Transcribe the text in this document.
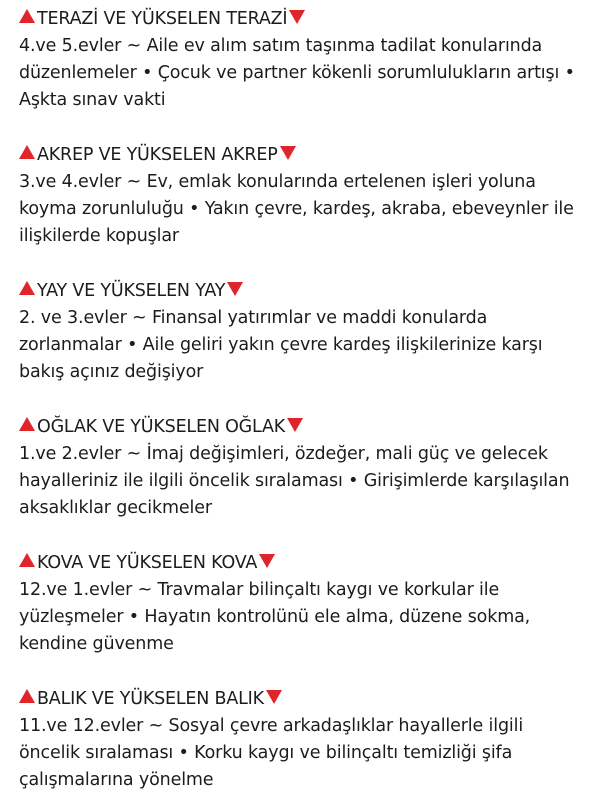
TERAZİ VE YÜKSELEN TERAZİ
4.ve 5.evler ~ Aile ev alım satım taşınma tadilat konularında düzenlemeler • Çocuk ve partner kökenli sorumlulukların artışı • Aşkta sınav vakti
AKREP VE YÜKSELEN AKREP
3.ve 4.evler ~ Ev, emlak konularında ertelenen işleri yoluna koyma zorunluluğu • Yakın çevre, kardeş, akraba, ebeveynler ile ilişkilerde kopuşlar
YAY VE YÜKSELEN YAY
2. ve 3.evler ~ Finansal yatırımlar ve maddi konularda zorlanmalar • Aile geliri yakın çevre kardeş ilişkilerinize karşı bakış açınız değişiyor
OĞLAK VE YÜKSELEN OĞLAK
1.ve 2.evler ~ İmaj değişimleri, özdeğer, mali güç ve gelecek hayalleriniz ile ilgili öncelik sıralaması • Girişimlerde karşılaşılan aksaklıklar gecikmeler
KOVA VE YÜKSELEN KOVA
12.ve 1.evler ~ Travmalar bilinçaltı kaygı ve korkular ile yüzleşmeler • Hayatın kontrolünü ele alma, düzene sokma, kendine güvenme
BALIK VE YÜKSELEN BALIK
11.ve 12.evler ~ Sosyal çevre arkadaşlıklar hayallerle ilgili öncelik sıralaması • Korku kaygı ve bilinçaltı temizliği şifa çalışmalarına yönelme
